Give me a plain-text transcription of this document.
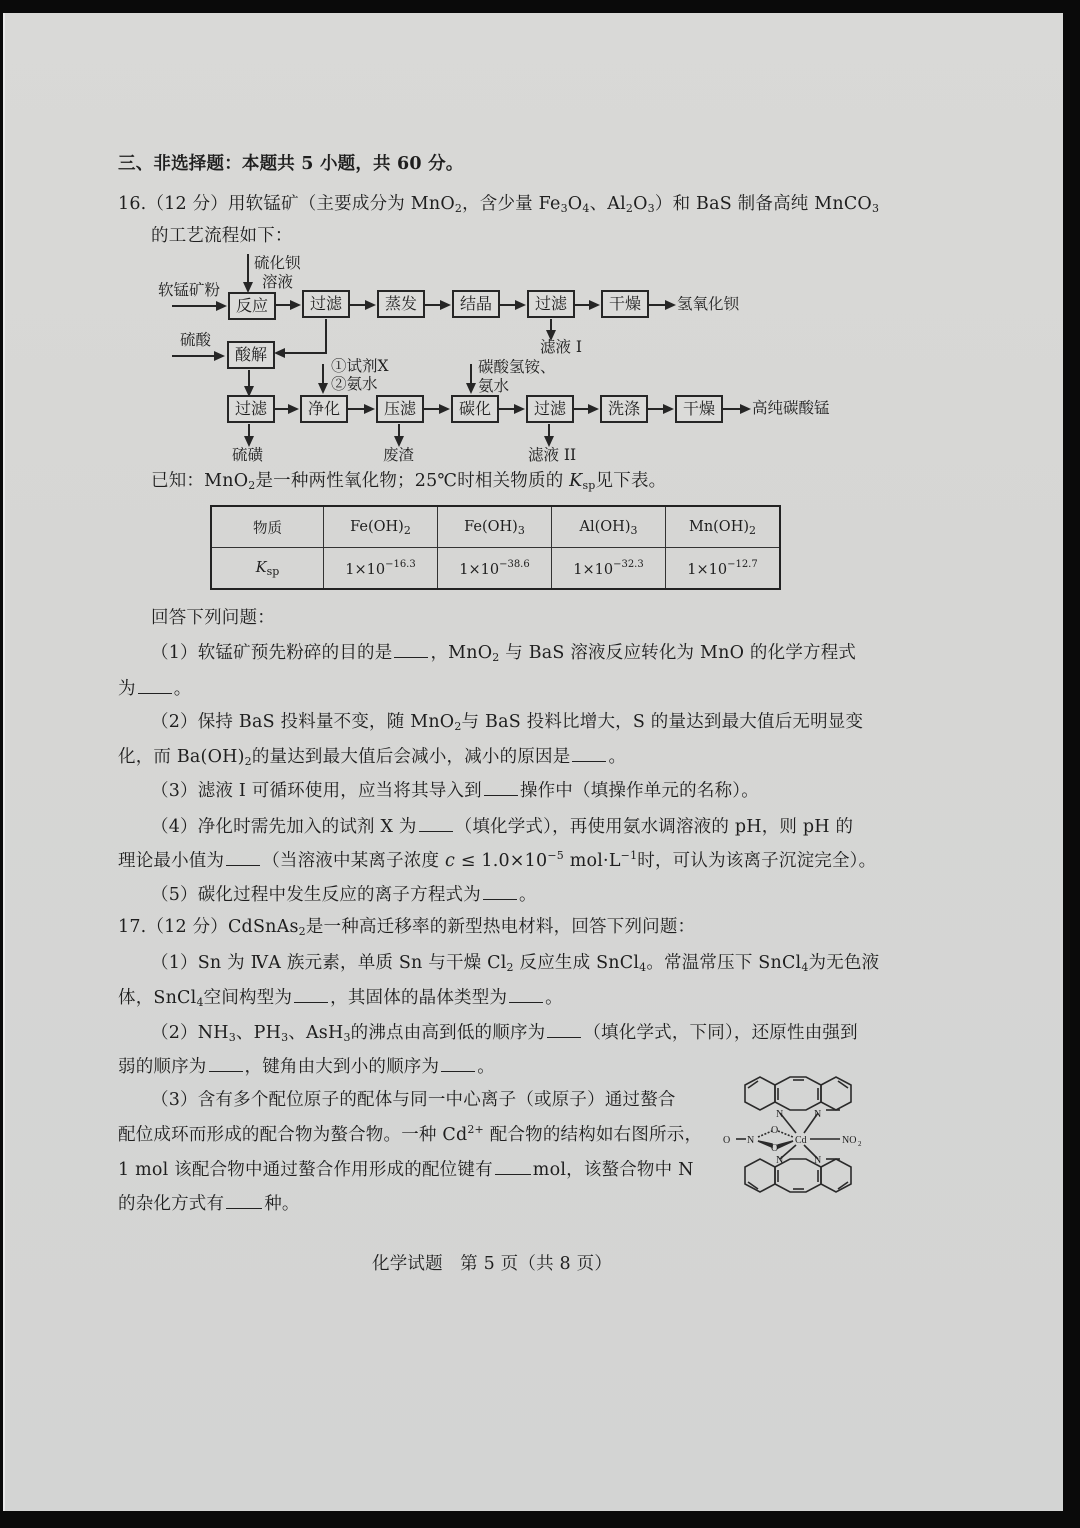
三、非选择题：本题共 5 小题，共 60 分。
16.（12 分）用软锰矿（主要成分为 MnO$_2$，含少量 $Fe_3O_4$、$Al_2O_3$）和 BaS 制备高纯 MnCO$_3$
的工艺流程如下：
软锰矿粉
硫化钡
溶液
硫酸
①试剂X
②氨水
碳酸氢铵、
氨水
反应	过滤	蒸发	结晶	过滤	干燥	氢氧化钡
滤液 I
酸解
过滤	净化	压滤	碳化	过滤	洗涤	干燥	高纯碳酸锰
硫磺	废渣	滤液 II
已知：MnO$_2$是一种两性氧化物；25℃时相关物质的 $K_{sp}$见下表。
物质	$Fe(OH)_2$	$Fe(OH)_3$	$Al(OH)_3$	$Mn(OH)_2$
$K_{sp}$	$1\times 10^{-16.3}$	$1\times 10^{-38.6}$	$1\times 10^{-32.3}$	$1\times 10^{-12.7}$
回答下列问题：
（1）软锰矿预先粉碎的目的是 ，MnO$_2$ 与 BaS 溶液反应转化为 MnO 的化学方程式
为 。
（2）保持 BaS 投料量不变，随 MnO$_2$与 BaS 投料比增大，S 的量达到最大值后无明显变
化，而 $Ba(OH)_2$的量达到最大值后会减小，减小的原因是 。
（3）滤液 I 可循环使用，应当将其导入到 操作中（填操作单元的名称）。
（4）净化时需先加入的试剂 X 为 （填化学式），再使用氨水调溶液的 pH，则 pH 的
理论最小值为 （当溶液中某离子浓度 $c \le 1.0\times 10^{-5}$ $mol\cdot L^{-1}$时，可认为该离子沉淀完全）。
（5）碳化过程中发生反应的离子方程式为 。
17.（12 分）CdSnAs$_2$是一种高迁移率的新型热电材料，回答下列问题：
（1）Sn 为 ⅣA 族元素，单质 Sn 与干燥 $Cl_2$ 反应生成 SnCl$_4$。常温常压下 SnCl$_4$为无色液
体，SnCl$_4$空间构型为 ，其固体的晶体类型为 。
$(2)NH_3$、$PH_3$、AsH$_3$的沸点由高到低的顺序为 （填化学式，下同），还原性由强到
弱的顺序为 ，键角由大到小的顺序为 。
（3）含有多个配位原子的配体与同一中心离子（或原子）通过螯合
配位成环而形成的配合物为螯合物。一种 $Cd^{2+}$ 配合物的结构如右图所示，
1 mol 该配合物中通过螯合作用形成的配位键有 mol，该螯合物中 N
的杂化方式有 种。
N	N
N	N
O N
O
O
Cd	NO 2
化学试题 第 5 页（共 8 页）
